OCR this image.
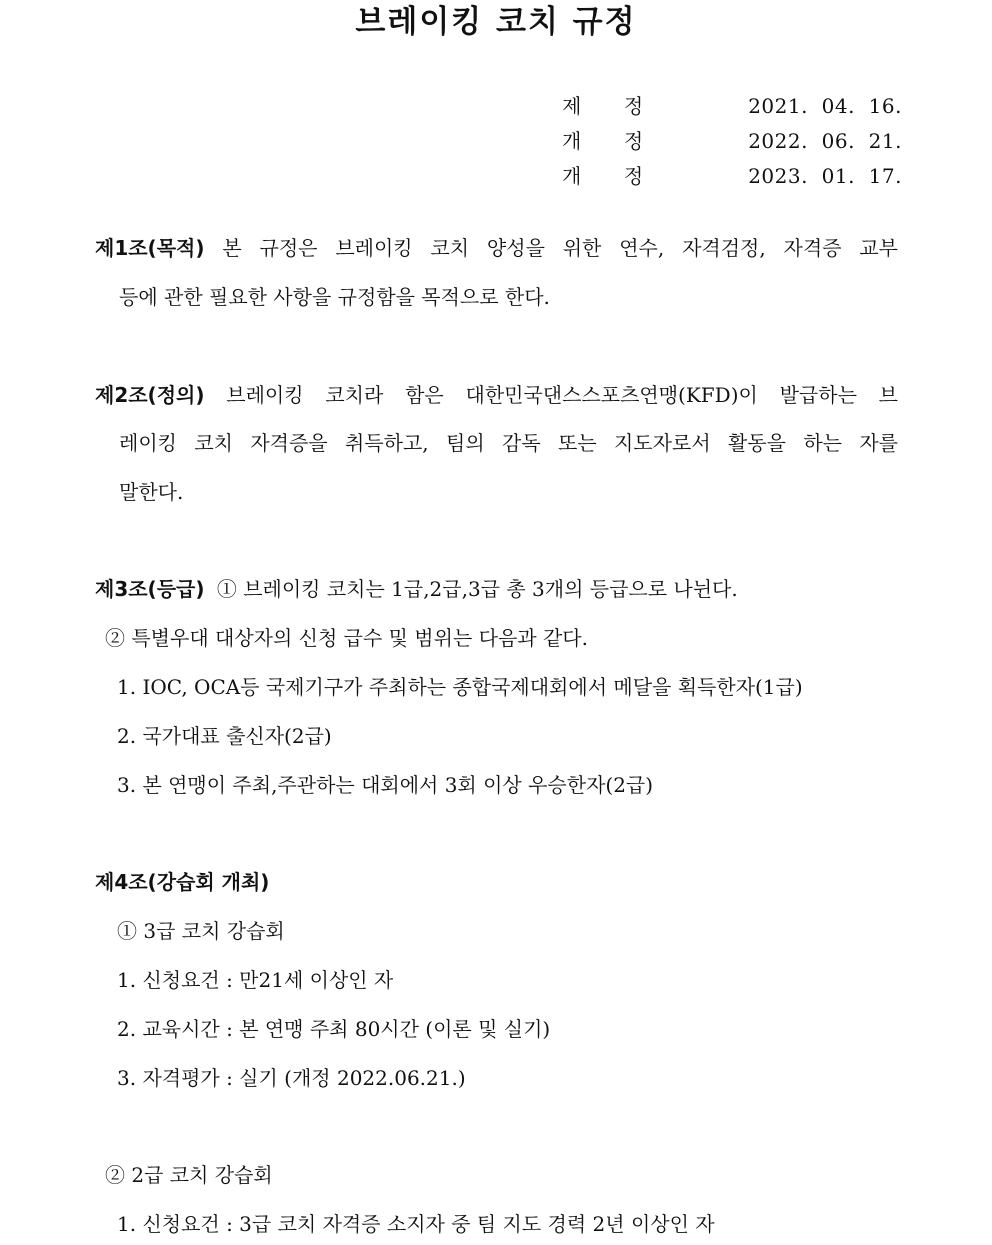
브레이킹 코치 규정
제 정	2021.  04.  16.
개 정	2022.  06.  21.
개 정	2023.  01.  17.
제1조(목적) 본 규정은 브레이킹 코치 양성을 위한 연수, 자격검정, 자격증 교부
등에 관한 필요한 사항을 규정함을 목적으로 한다.
제2조(정의) 브레이킹 코치라 함은 대한민국댄스스포츠연맹(KFD)이 발급하는 브
레이킹 코치 자격증을 취득하고, 팀의 감독 또는 지도자로서 활동을 하는 자를
말한다.
제3조(등급) ① 브레이킹 코치는 1급,2급,3급 총 3개의 등급으로 나뉜다.
② 특별우대 대상자의 신청 급수 및 범위는 다음과 같다.
1. IOC, OCA등 국제기구가 주최하는 종합국제대회에서 메달을 획득한자(1급)
2. 국가대표 출신자(2급)
3. 본 연맹이 주최,주관하는 대회에서 3회 이상 우승한자(2급)
제4조(강습회 개최)
① 3급 코치 강습회
1. 신청요건 : 만21세 이상인 자
2. 교육시간 : 본 연맹 주최 80시간 (이론 및 실기)
3. 자격평가 : 실기 (개정 2022.06.21.)
② 2급 코치 강습회
1. 신청요건 : 3급 코치 자격증 소지자 중 팀 지도 경력 2년 이상인 자
